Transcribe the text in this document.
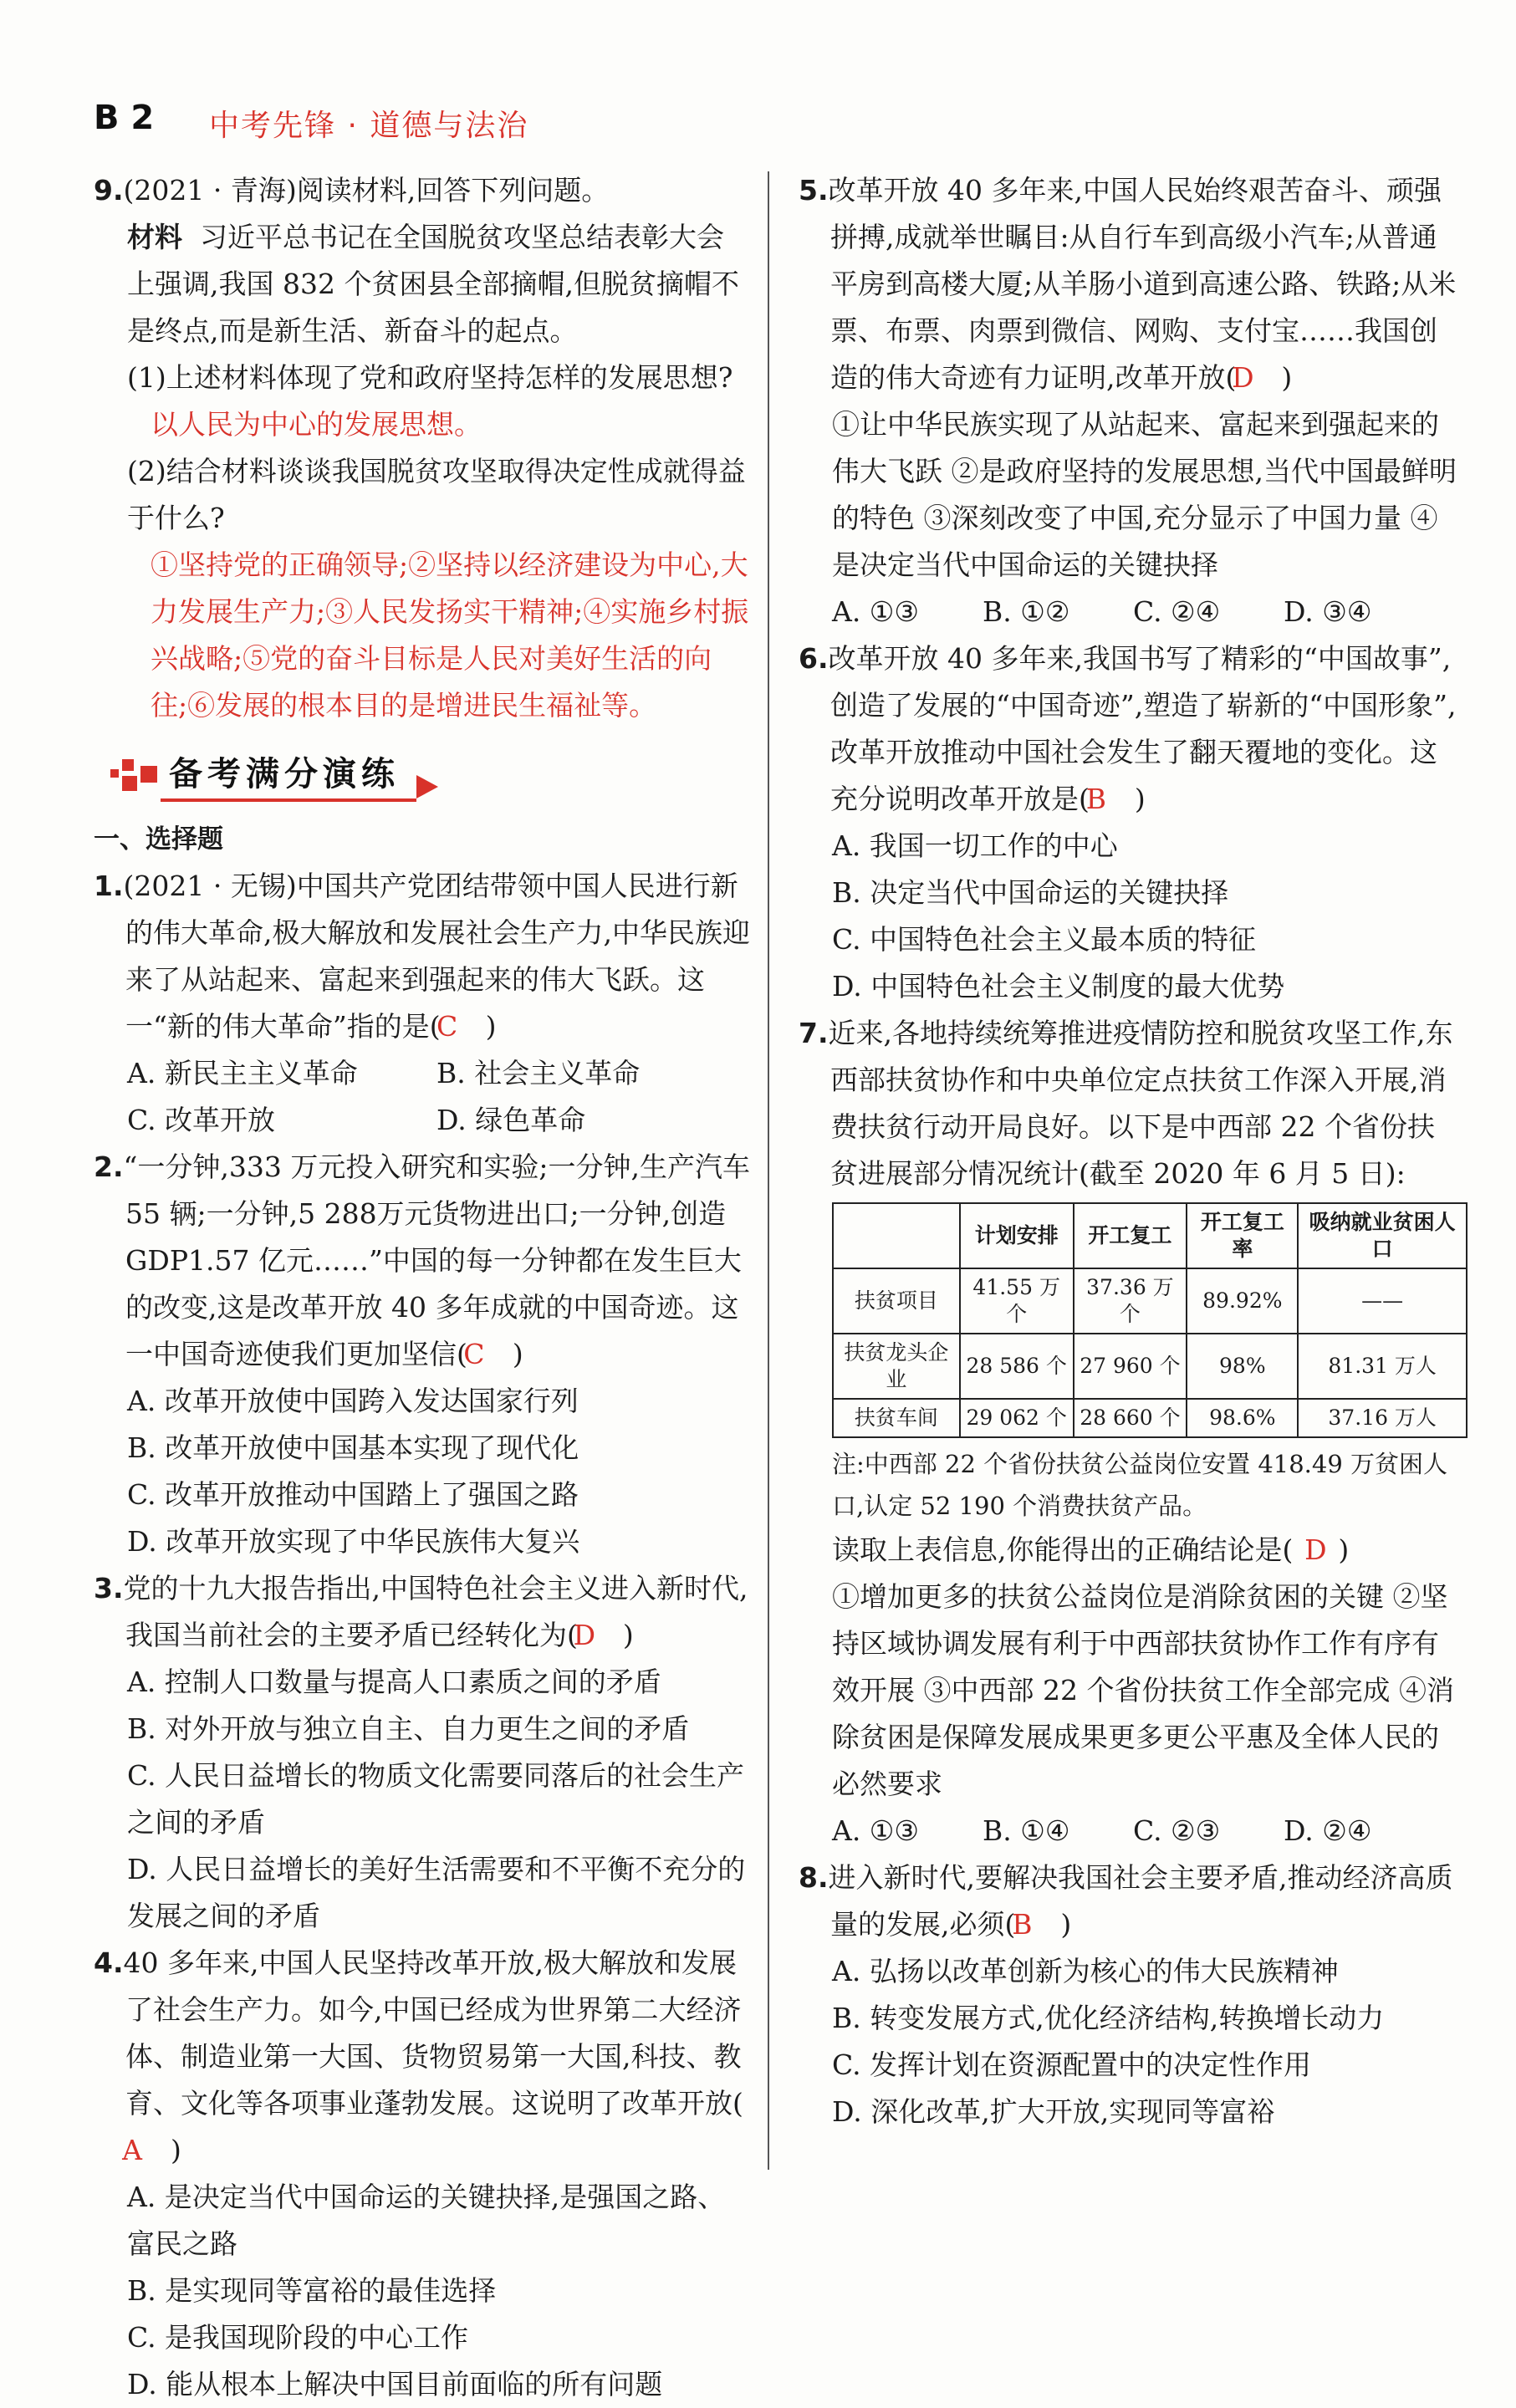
B 2 中考先锋 · 道德与法治

9.(2021 · 青海)阅读材料,回答下列问题。

材料 习近平总书记在全国脱贫攻坚总结表彰大会上强调,我国 832 个贫困县全部摘帽,但脱贫摘帽不是终点,而是新生活、新奋斗的起点。

(1)上述材料体现了党和政府坚持怎样的发展思想?

以人民为中心的发展思想。

(2)结合材料谈谈我国脱贫攻坚取得决定性成就得益于什么?

①坚持党的正确领导;②坚持以经济建设为中心,大力发展生产力;③人民发扬实干精神;④实施乡村振兴战略;⑤党的奋斗目标是人民对美好生活的向往;⑥发展的根本目的是增进民生福祉等。

备考满分演练

一、选择题

1.(2021 · 无锡)中国共产党团结带领中国人民进行新的伟大革命,极大解放和发展社会生产力,中华民族迎来了从站起来、富起来到强起来的伟大飞跃。这一“新的伟大革命”指的是(C )

A. 新民主主义革命	B. 社会主义革命
C. 改革开放	D. 绿色革命

2.“一分钟,333 万元投入研究和实验;一分钟,生产汽车 55 辆;一分钟,5 288万元货物进出口;一分钟,创造 GDP1.57 亿元……”中国的每一分钟都在发生巨大的改变,这是改革开放 40 多年成就的中国奇迹。这一中国奇迹使我们更加坚信(C )

A. 改革开放使中国跨入发达国家行列

B. 改革开放使中国基本实现了现代化

C. 改革开放推动中国踏上了强国之路

D. 改革开放实现了中华民族伟大复兴

3.党的十九大报告指出,中国特色社会主义进入新时代,我国当前社会的主要矛盾已经转化为(D )

A. 控制人口数量与提高人口素质之间的矛盾

B. 对外开放与独立自主、自力更生之间的矛盾

C. 人民日益增长的物质文化需要同落后的社会生产之间的矛盾

D. 人民日益增长的美好生活需要和不平衡不充分的发展之间的矛盾

4.40 多年来,中国人民坚持改革开放,极大解放和发展了社会生产力。如今,中国已经成为世界第二大经济体、制造业第一大国、货物贸易第一大国,科技、教育、文化等各项事业蓬勃发展。这说明了改革开放(A )

A. 是决定当代中国命运的关键抉择,是强国之路、富民之路

B. 是实现同等富裕的最佳选择

C. 是我国现阶段的中心工作

D. 能从根本上解决中国目前面临的所有问题

5.改革开放 40 多年来,中国人民始终艰苦奋斗、顽强拼搏,成就举世瞩目:从自行车到高级小汽车;从普通平房到高楼大厦;从羊肠小道到高速公路、铁路;从米票、布票、肉票到微信、网购、支付宝……我国创造的伟大奇迹有力证明,改革开放(D )

①让中华民族实现了从站起来、富起来到强起来的伟大飞跃 ②是政府坚持的发展思想,当代中国最鲜明的特色 ③深刻改变了中国,充分显示了中国力量 ④是决定当代中国命运的关键抉择

A. ①③	B. ①②	C. ②④	D. ③④

6.改革开放 40 多年来,我国书写了精彩的“中国故事”,创造了发展的“中国奇迹”,塑造了崭新的“中国形象”,改革开放推动中国社会发生了翻天覆地的变化。这充分说明改革开放是(B )

A. 我国一切工作的中心

B. 决定当代中国命运的关键抉择

C. 中国特色社会主义最本质的特征

D. 中国特色社会主义制度的最大优势

7.近来,各地持续统筹推进疫情防控和脱贫攻坚工作,东西部扶贫协作和中央单位定点扶贫工作深入开展,消费扶贫行动开局良好。以下是中西部 22 个省份扶贫进展部分情况统计(截至 2020 年 6 月 5 日):

	计划安排	开工复工	开工复工率	吸纳就业贫困人口
扶贫项目	41.55 万个	37.36 万个	89.92%	——
扶贫龙头企业	28 586 个	27 960 个	98%	81.31 万人
扶贫车间	29 062 个	28 660 个	98.6%	37.16 万人

注:中西部 22 个省份扶贫公益岗位安置 418.49 万贫困人口,认定 52 190 个消费扶贫产品。

读取上表信息,你能得出的正确结论是( D )

①增加更多的扶贫公益岗位是消除贫困的关键 ②坚持区域协调发展有利于中西部扶贫协作工作有序有效开展 ③中西部 22 个省份扶贫工作全部完成 ④消除贫困是保障发展成果更多更公平惠及全体人民的必然要求

A. ①③	B. ①④	C. ②③	D. ②④

8.进入新时代,要解决我国社会主要矛盾,推动经济高质量的发展,必须(B )

A. 弘扬以改革创新为核心的伟大民族精神

B. 转变发展方式,优化经济结构,转换增长动力

C. 发挥计划在资源配置中的决定性作用

D. 深化改革,扩大开放,实现同等富裕
